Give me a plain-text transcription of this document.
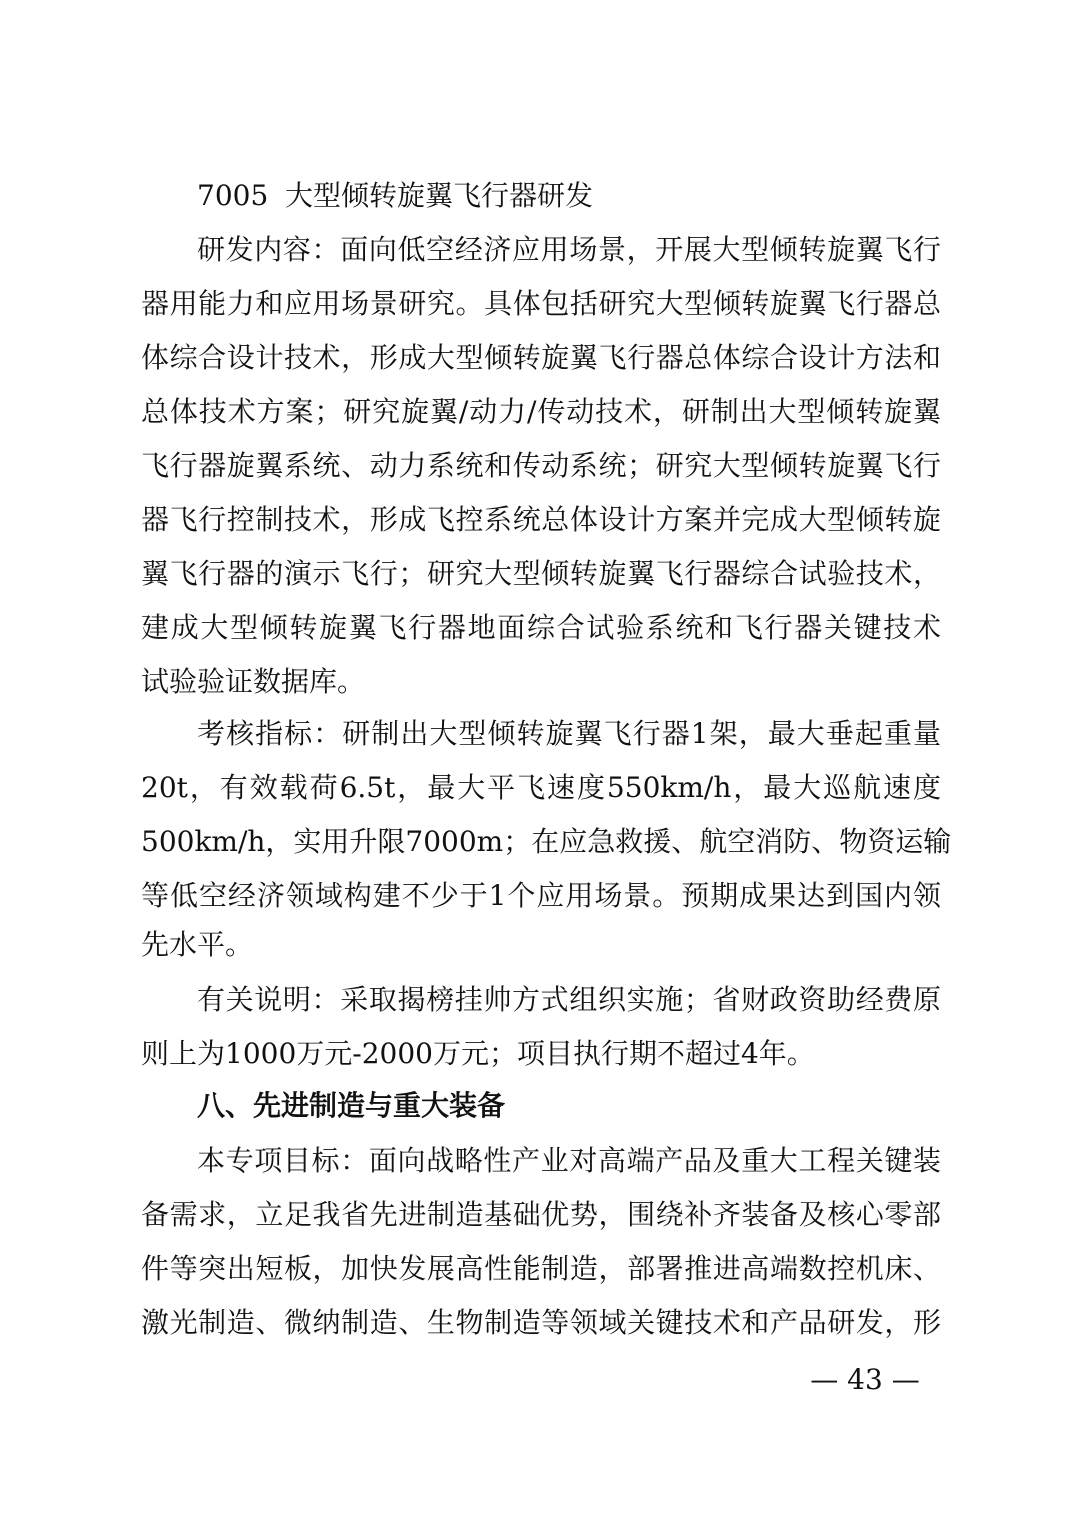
7005 大型倾转旋翼飞行器研发
研发内容：面向低空经济应用场景，开展大型倾转旋翼飞行
器用能力和应用场景研究。具体包括研究大型倾转旋翼飞行器总
体综合设计技术，形成大型倾转旋翼飞行器总体综合设计方法和
总体技术方案；研究旋翼/动力/传动技术，研制出大型倾转旋翼
飞行器旋翼系统、动力系统和传动系统；研究大型倾转旋翼飞行
器飞行控制技术，形成飞控系统总体设计方案并完成大型倾转旋
翼飞行器的演示飞行；研究大型倾转旋翼飞行器综合试验技术，
建成大型倾转旋翼飞行器地面综合试验系统和飞行器关键技术
试验验证数据库。
考核指标：研制出大型倾转旋翼飞行器1架，最大垂起重量
20t，有效载荷6.5t，最大平飞速度550km/h，最大巡航速度
500km/h，实用升限7000m；在应急救援、航空消防、物资运输
等低空经济领域构建不少于1个应用场景。预期成果达到国内领
先水平。
有关说明：采取揭榜挂帅方式组织实施；省财政资助经费原
则上为1000万元-2000万元；项目执行期不超过4年。
八、先进制造与重大装备
本专项目标：面向战略性产业对高端产品及重大工程关键装
备需求，立足我省先进制造基础优势，围绕补齐装备及核心零部
件等突出短板，加快发展高性能制造，部署推进高端数控机床、
激光制造、微纳制造、生物制造等领域关键技术和产品研发，形
— 43 —
